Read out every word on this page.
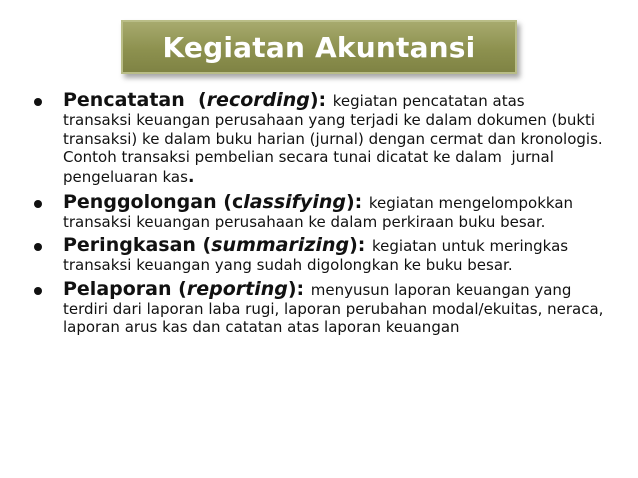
Kegiatan Akuntansi
Pencatatan  (recording): kegiatan pencatatan atas
transaksi keuangan perusahaan yang terjadi ke dalam dokumen (bukti transaksi) ke dalam buku harian (jurnal) dengan cermat dan kronologis. Contoh transaksi pembelian secara tunai dicatat ke dalam  jurnal pengeluaran kas.
Penggolongan (classifying): kegiatan mengelompokkan
transaksi keuangan perusahaan ke dalam perkiraan buku besar.
Peringkasan (summarizing): kegiatan untuk meringkas
transaksi keuangan yang sudah digolongkan ke buku besar.
Pelaporan (reporting): menyusun laporan keuangan yang
terdiri dari laporan laba rugi, laporan perubahan modal/ekuitas, neraca, laporan arus kas dan catatan atas laporan keuangan
